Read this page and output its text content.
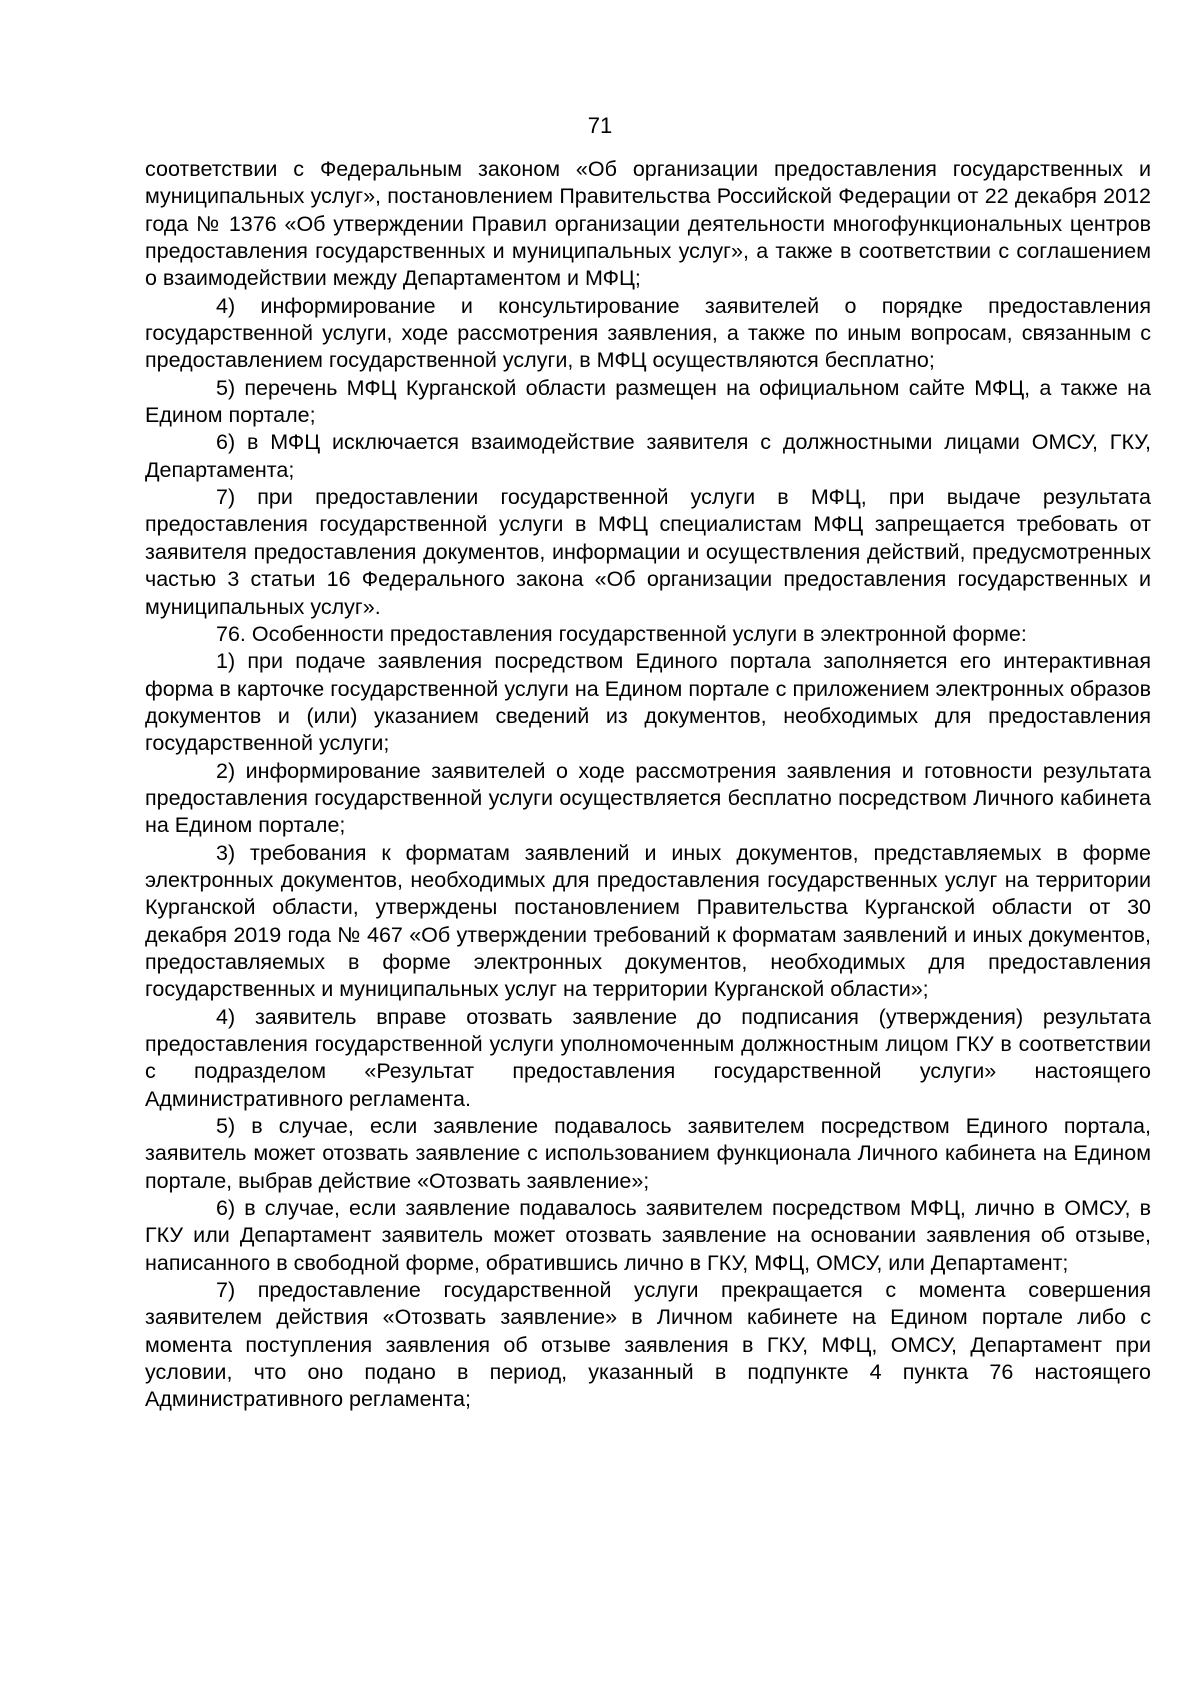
71

соответствии с Федеральным законом «Об организации предоставления государственных и муниципальных услуг», постановлением Правительства Российской Федерации от 22 декабря 2012 года № 1376 «Об утверждении Правил организации деятельности многофункциональных центров предоставления государственных и муниципальных услуг», а также в соответствии с соглашением о взаимодействии между Департаментом и МФЦ;

4) информирование и консультирование заявителей о порядке предоставления государственной услуги, ходе рассмотрения заявления, а также по иным вопросам, связанным с предоставлением государственной услуги, в МФЦ осуществляются бесплатно;

5) перечень МФЦ Курганской области размещен на официальном сайте МФЦ, а также на Едином портале;

6) в МФЦ исключается взаимодействие заявителя с должностными лицами ОМСУ, ГКУ, Департамента;

7) при предоставлении государственной услуги в МФЦ, при выдаче результата предоставления государственной услуги в МФЦ специалистам МФЦ запрещается требовать от заявителя предоставления документов, информации и осуществления действий, предусмотренных частью 3 статьи 16 Федерального закона «Об организации предоставления государственных и муниципальных услуг».

76. Особенности предоставления государственной услуги в электронной форме:

1) при подаче заявления посредством Единого портала заполняется его интерактивная форма в карточке государственной услуги на Едином портале с приложением электронных образов документов и (или) указанием сведений из документов, необходимых для предоставления государственной услуги;

2) информирование заявителей о ходе рассмотрения заявления и готовности результата предоставления государственной услуги осуществляется бесплатно посредством Личного кабинета на Едином портале;

3) требования к форматам заявлений и иных документов, представляемых в форме электронных документов, необходимых для предоставления государственных услуг на территории Курганской области, утверждены постановлением Правительства Курганской области от 30 декабря 2019 года № 467 «Об утверждении требований к форматам заявлений и иных документов, предоставляемых в форме электронных документов, необходимых для предоставления государственных и муниципальных услуг на территории Курганской области»;

4) заявитель вправе отозвать заявление до подписания (утверждения) результата предоставления государственной услуги уполномоченным должностным лицом ГКУ в соответствии с подразделом «Результат предоставления государственной услуги» настоящего Административного регламента.

5) в случае, если заявление подавалось заявителем посредством Единого портала, заявитель может отозвать заявление с использованием функционала Личного кабинета на Едином портале, выбрав действие «Отозвать заявление»;

6) в случае, если заявление подавалось заявителем посредством МФЦ, лично в ОМСУ, в ГКУ или Департамент заявитель может отозвать заявление на основании заявления об отзыве, написанного в свободной форме, обратившись лично в ГКУ, МФЦ, ОМСУ, или Департамент;

7) предоставление государственной услуги прекращается с момента совершения заявителем действия «Отозвать заявление» в Личном кабинете на Едином портале либо с момента поступления заявления об отзыве заявления в ГКУ, МФЦ, ОМСУ, Департамент при условии, что оно подано в период, указанный в подпункте 4 пункта 76 настоящего Административного регламента;
